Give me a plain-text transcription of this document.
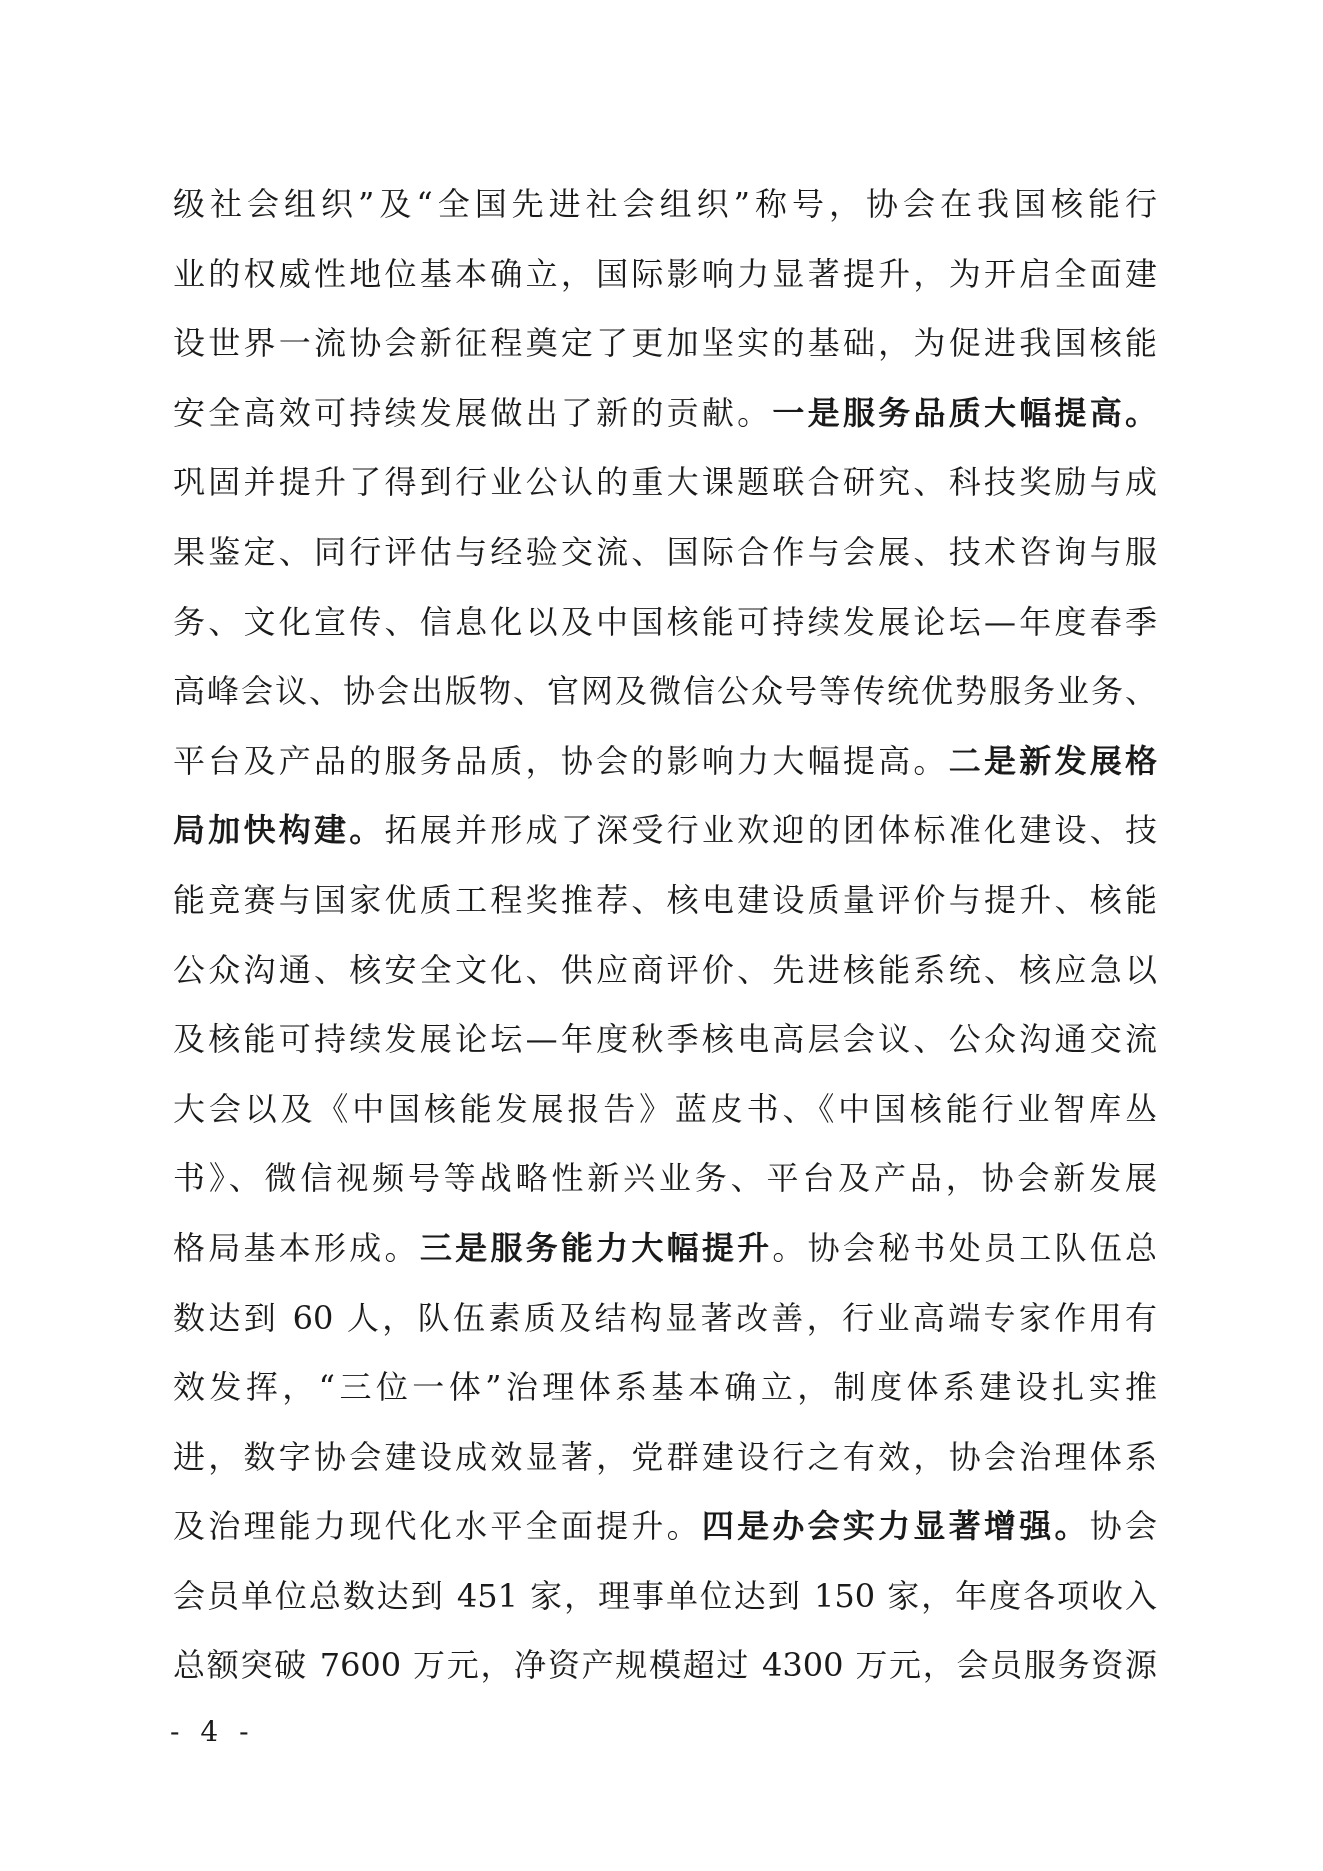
级社会组织”及“全国先进社会组织”称号，协会在我国核能行
业的权威性地位基本确立，国际影响力显著提升，为开启全面建
设世界一流协会新征程奠定了更加坚实的基础，为促进我国核能
安全高效可持续发展做出了新的贡献。一是服务品质大幅提高。
巩固并提升了得到行业公认的重大课题联合研究、科技奖励与成
果鉴定、同行评估与经验交流、国际合作与会展、技术咨询与服
务、文化宣传、信息化以及中国核能可持续发展论坛—年度春季
高峰会议、协会出版物、官网及微信公众号等传统优势服务业务、
平台及产品的服务品质，协会的影响力大幅提高。二是新发展格
局加快构建。拓展并形成了深受行业欢迎的团体标准化建设、技
能竞赛与国家优质工程奖推荐、核电建设质量评价与提升、核能
公众沟通、核安全文化、供应商评价、先进核能系统、核应急以
及核能可持续发展论坛—年度秋季核电高层会议、公众沟通交流
大会以及《中国核能发展报告》蓝皮书、《中国核能行业智库丛
书》、微信视频号等战略性新兴业务、平台及产品，协会新发展
格局基本形成。三是服务能力大幅提升。协会秘书处员工队伍总
数达到 60 人，队伍素质及结构显著改善，行业高端专家作用有
效发挥，“三位一体”治理体系基本确立，制度体系建设扎实推
进，数字协会建设成效显著，党群建设行之有效，协会治理体系
及治理能力现代化水平全面提升。四是办会实力显著增强。协会
会员单位总数达到 451 家，理事单位达到 150 家，年度各项收入
总额突破 7600 万元，净资产规模超过 4300 万元，会员服务资源
- 4 -
